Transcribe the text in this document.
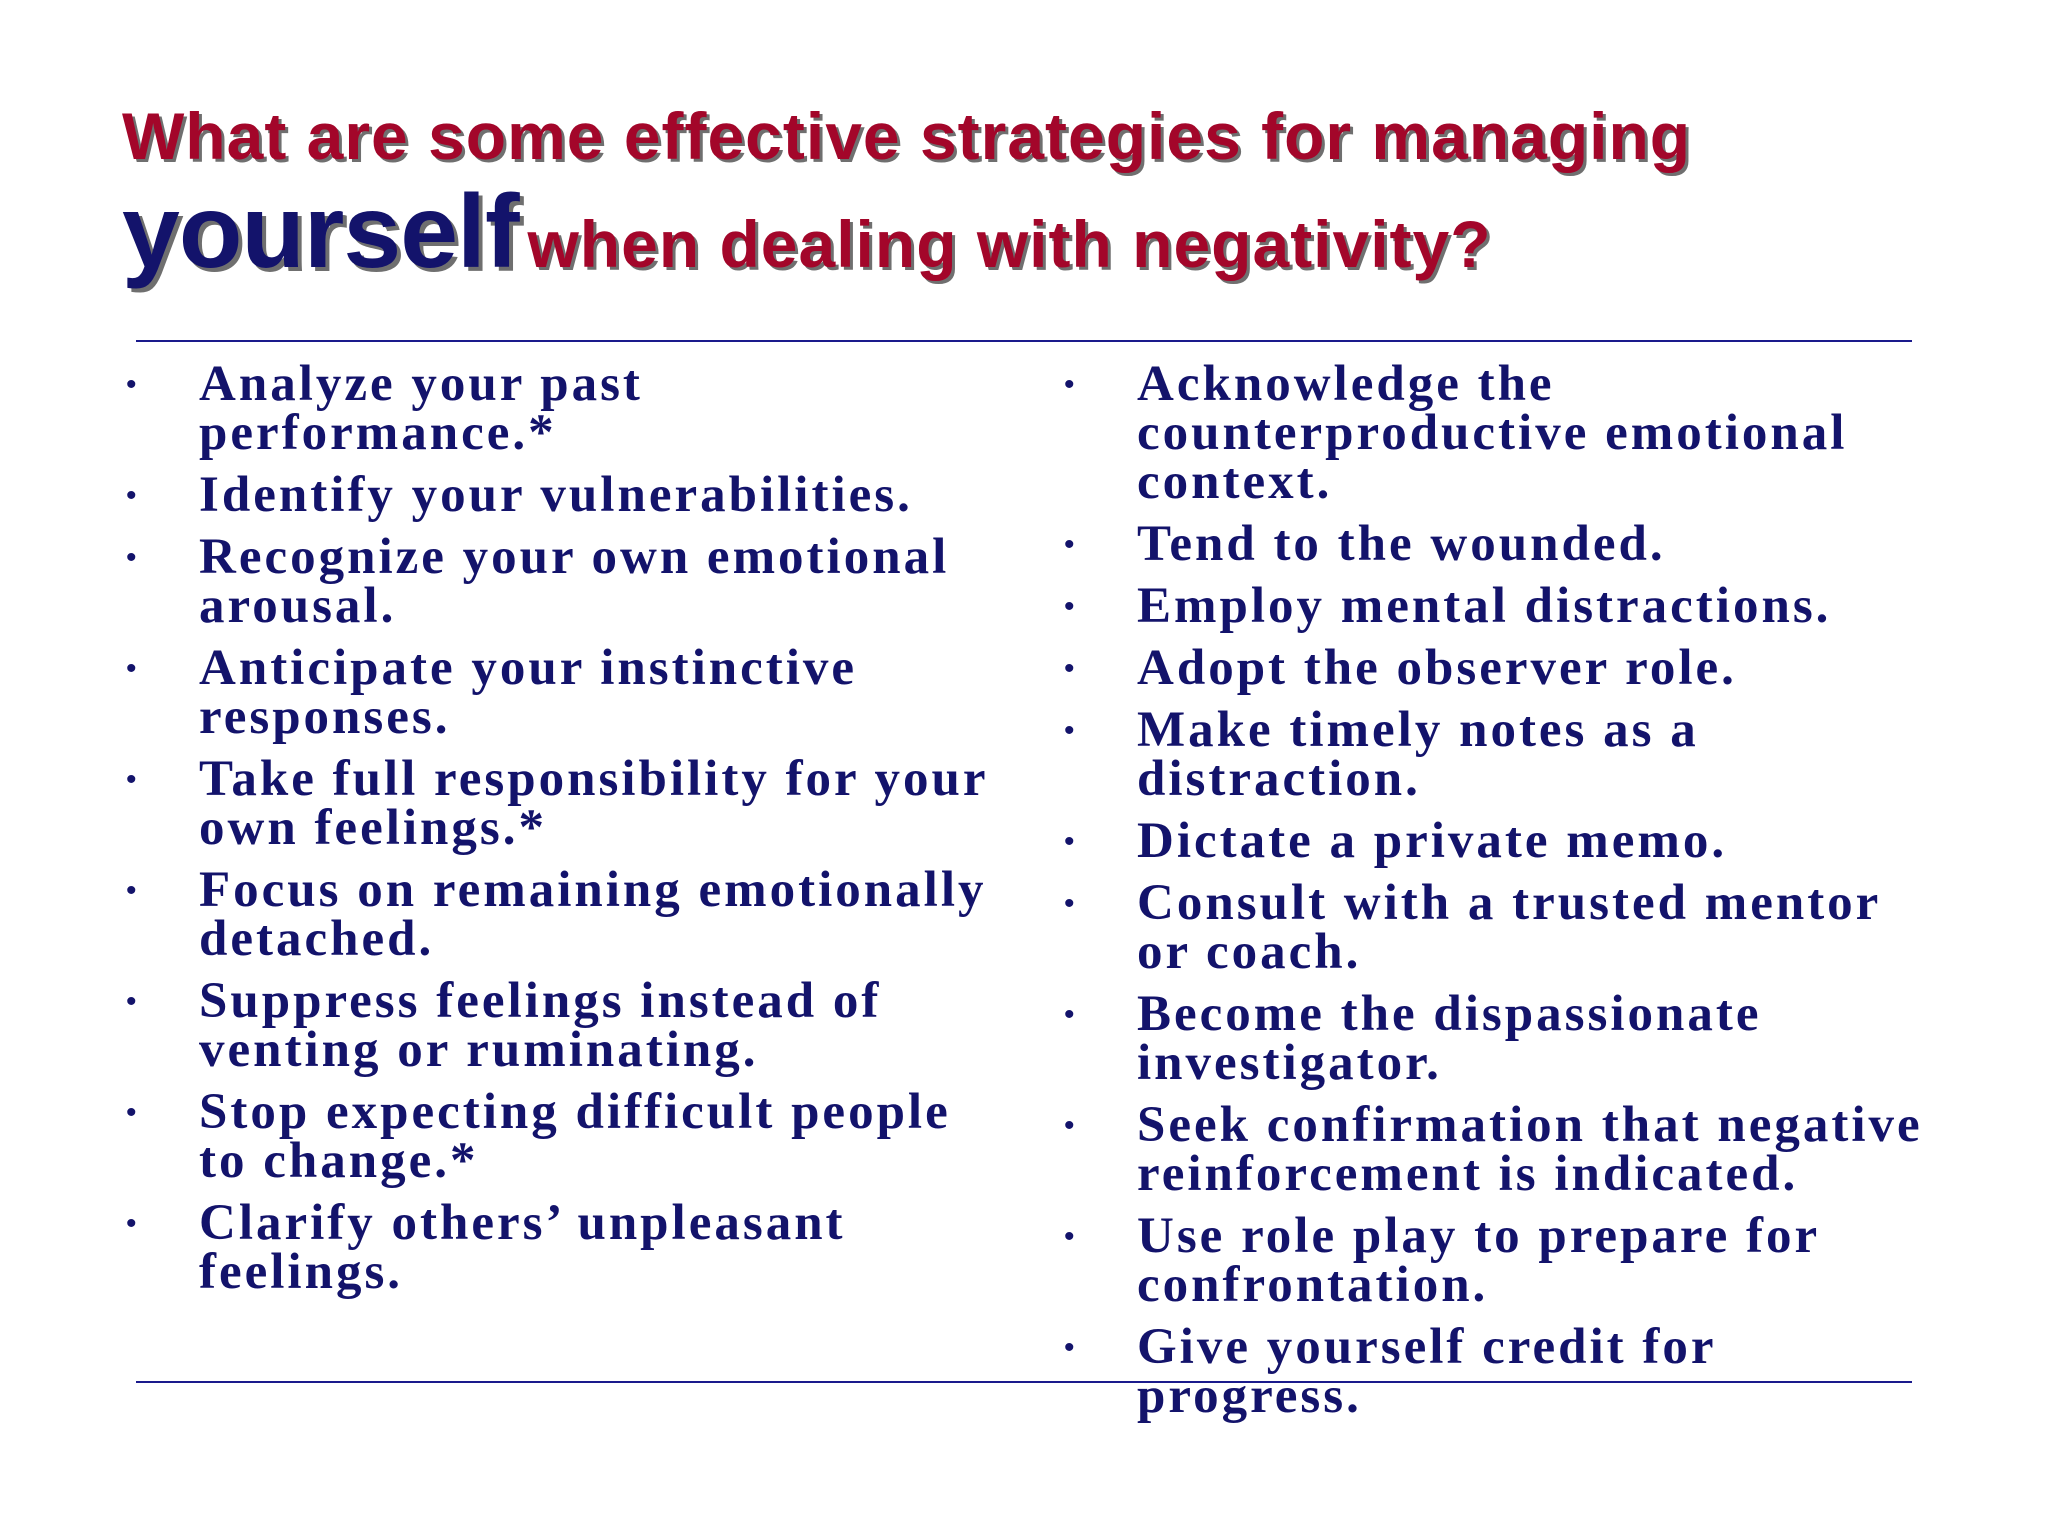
What are some effective strategies for managing
yourself when dealing with negativity?
• Analyze your past performance.*
• Identify your vulnerabilities.
• Recognize your own emotional arousal.
• Anticipate your instinctive responses.
• Take full responsibility for your own feelings.*
• Focus on remaining emotionally detached.
• Suppress feelings instead of venting or ruminating.
• Stop expecting difficult people to change.*
• Clarify others’ unpleasant feelings.
• Acknowledge the counterproductive emotional context.
• Tend to the wounded.
• Employ mental distractions.
• Adopt the observer role.
• Make timely notes as a distraction.
• Dictate a private memo.
• Consult with a trusted mentor or coach.
• Become the dispassionate investigator.
• Seek confirmation that negative reinforcement is indicated.
• Use role play to prepare for confrontation.
• Give yourself credit for progress.
